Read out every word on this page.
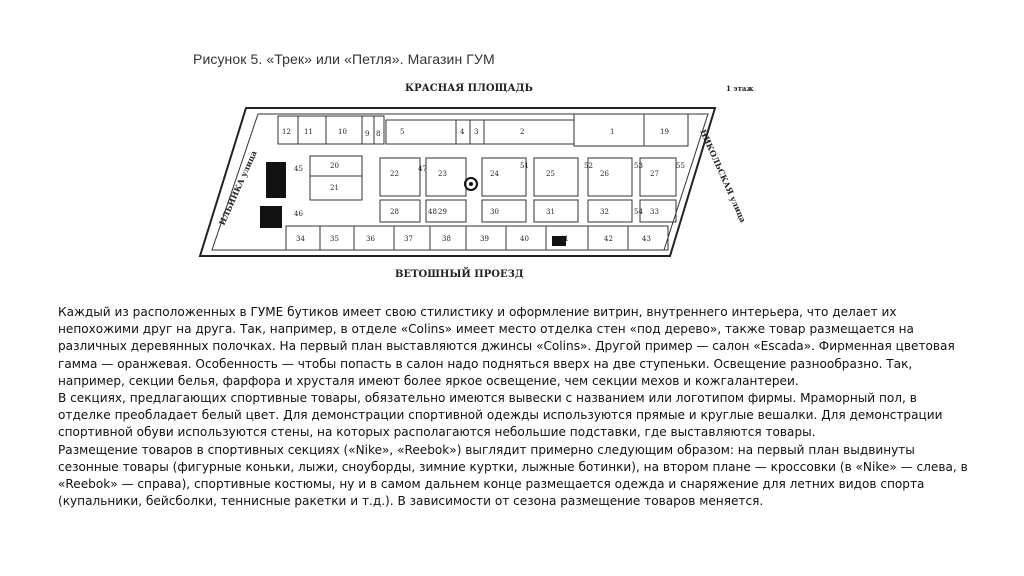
Рисунок 5. «Трек» или «Петля». Магазин ГУМ
КРАСНАЯ ПЛОЩАДЬ	1 этаж
ВЕТОШНЫЙ ПРОЕЗД
ИЛЬИНКА улица	НИКОЛЬСКАЯ улица
12 11	10	9 8	5	4 3	2	1	19
20
21
22	23	24	25	26	27
28	29	30	31	32	33
34	35	36	37	38	39	40	41	42	43
45
46
47
48
51	52	53
54
55

Каждый из расположенных в ГУМЕ бутиков имеет свою стилистику и оформление витрин, внутреннего интерьера, что делает их непохожими друг на друга. Так, например, в отделе «Colins» имеет место отделка стен «под дерево», также товар размещается на различных деревянных полочках. На первый план выставляются джинсы «Colins». Другой пример — салон «Escada». Фирменная цветовая гамма — оранжевая. Особенность — чтобы попасть в салон надо подняться вверх на две ступеньки. Освещение разнообразно. Так, например, секции белья, фарфора и хрусталя имеют более яркое освещение, чем секции мехов и кожгалантереи.

В секциях, предлагающих спортивные товары, обязательно имеются вывески с названием или логотипом фирмы. Мраморный пол, в отделке преобладает белый цвет. Для демонстрации спортивной одежды используются прямые и круглые вешалки. Для демонстрации спортивной обуви используются стены, на которых располагаются небольшие подставки, где выставляются товары.

Размещение товаров в спортивных секциях («Nike», «Reebok») выглядит примерно следующим образом: на первый план выдвинуты сезонные товары (фигурные коньки, лыжи, сноуборды, зимние куртки, лыжные ботинки), на втором плане — кроссовки (в «Nike» — слева, в «Reebok» — справа), спортивные костюмы, ну и в самом дальнем конце размещается одежда и снаряжение для летних видов спорта (купальники, бейсболки, теннисные ракетки и т.д.). В зависимости от сезона размещение товаров меняется.
